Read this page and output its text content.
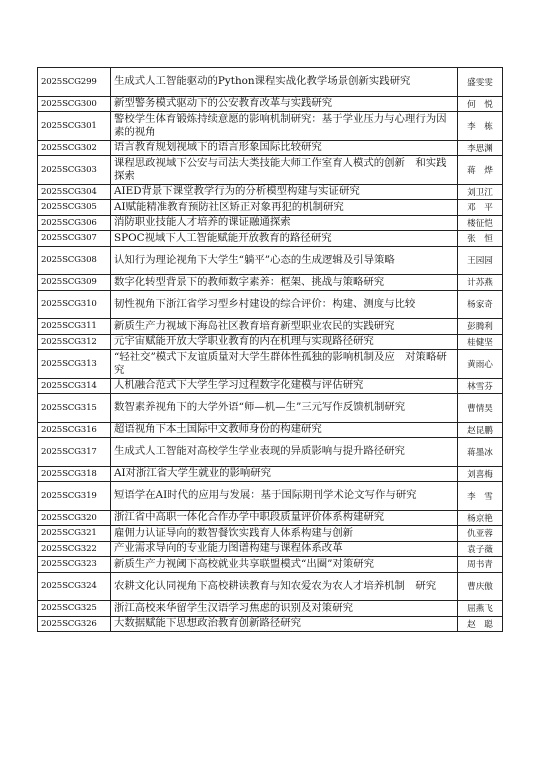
2025SCG299	生成式人工智能驱动的Python课程实战化教学场景创新实践研究	盛雯雯
2025SCG300	新型警务模式驱动下的公安教育改革与实践研究	何　悦
2025SCG301	警校学生体育锻炼持续意愿的影响机制研究：基于学业压力与心理行为因素的视角	李　栋
2025SCG302	语言教育规划视域下的语言形象国际比较研究	李思渊
2025SCG303	课程思政视域下公安与司法大类技能大师工作室育人模式的创新　和实践探索	蒋　烨
2025SCG304	AIED背景下课堂教学行为的分析模型构建与实证研究	刘卫江
2025SCG305	AI赋能精准教育预防社区矫正对象再犯的机制研究	邓　平
2025SCG306	消防职业技能人才培养的课证融通探索	楼征恺
2025SCG307	SPOC视域下人工智能赋能开放教育的路径研究	张　恒
2025SCG308	认知行为理论视角下大学生“躺平”心态的生成逻辑及引导策略	王园园
2025SCG309	数字化转型背景下的教师数字素养：框架、挑战与策略研究	计苏燕
2025SCG310	韧性视角下浙江省学习型乡村建设的综合评价：构建、测度与比较	杨家奇
2025SCG311	新质生产力视域下海岛社区教育培育新型职业农民的实践研究	彭腾利
2025SCG312	元宇宙赋能开放大学职业教育的内在机理与实现路径研究	桂健坚
2025SCG313	“轻社交”模式下友谊质量对大学生群体性孤独的影响机制及应　对策略研究	黄雨心
2025SCG314	人机融合范式下大学生学习过程数字化建模与评估研究	林雪芬
2025SCG315	数智素养视角下的大学外语“师—机—生”三元写作反馈机制研究	曹情昊
2025SCG316	超语视角下本土国际中文教师身份的构建研究	赵昆鹏
2025SCG317	生成式人工智能对高校学生学业表现的异质影响与提升路径研究	蒋墨冰
2025SCG318	AI对浙江省大学生就业的影响研究	刘喜梅
2025SCG319	短语学在AI时代的应用与发展：基于国际期刊学术论文写作与研究	李　雪
2025SCG320	浙江省中高职一体化合作办学中职段质量评价体系构建研究	杨京艳
2025SCG321	雇佣力认证导向的数智餐饮实践育人体系构建与创新	仇亚蓉
2025SCG322	产业需求导向的专业能力图谱构建与课程体系改革	袁子薇
2025SCG323	新质生产力视阈下高校就业共享联盟模式“出圈”对策研究	周书青
2025SCG324	农耕文化认同视角下高校耕读教育与知农爱农为农人才培养机制　研究	曹庆傲
2025SCG325	浙江高校来华留学生汉语学习焦虑的识别及对策研究	屈燕飞
2025SCG326	大数据赋能下思想政治教育创新路径研究	赵　聪
